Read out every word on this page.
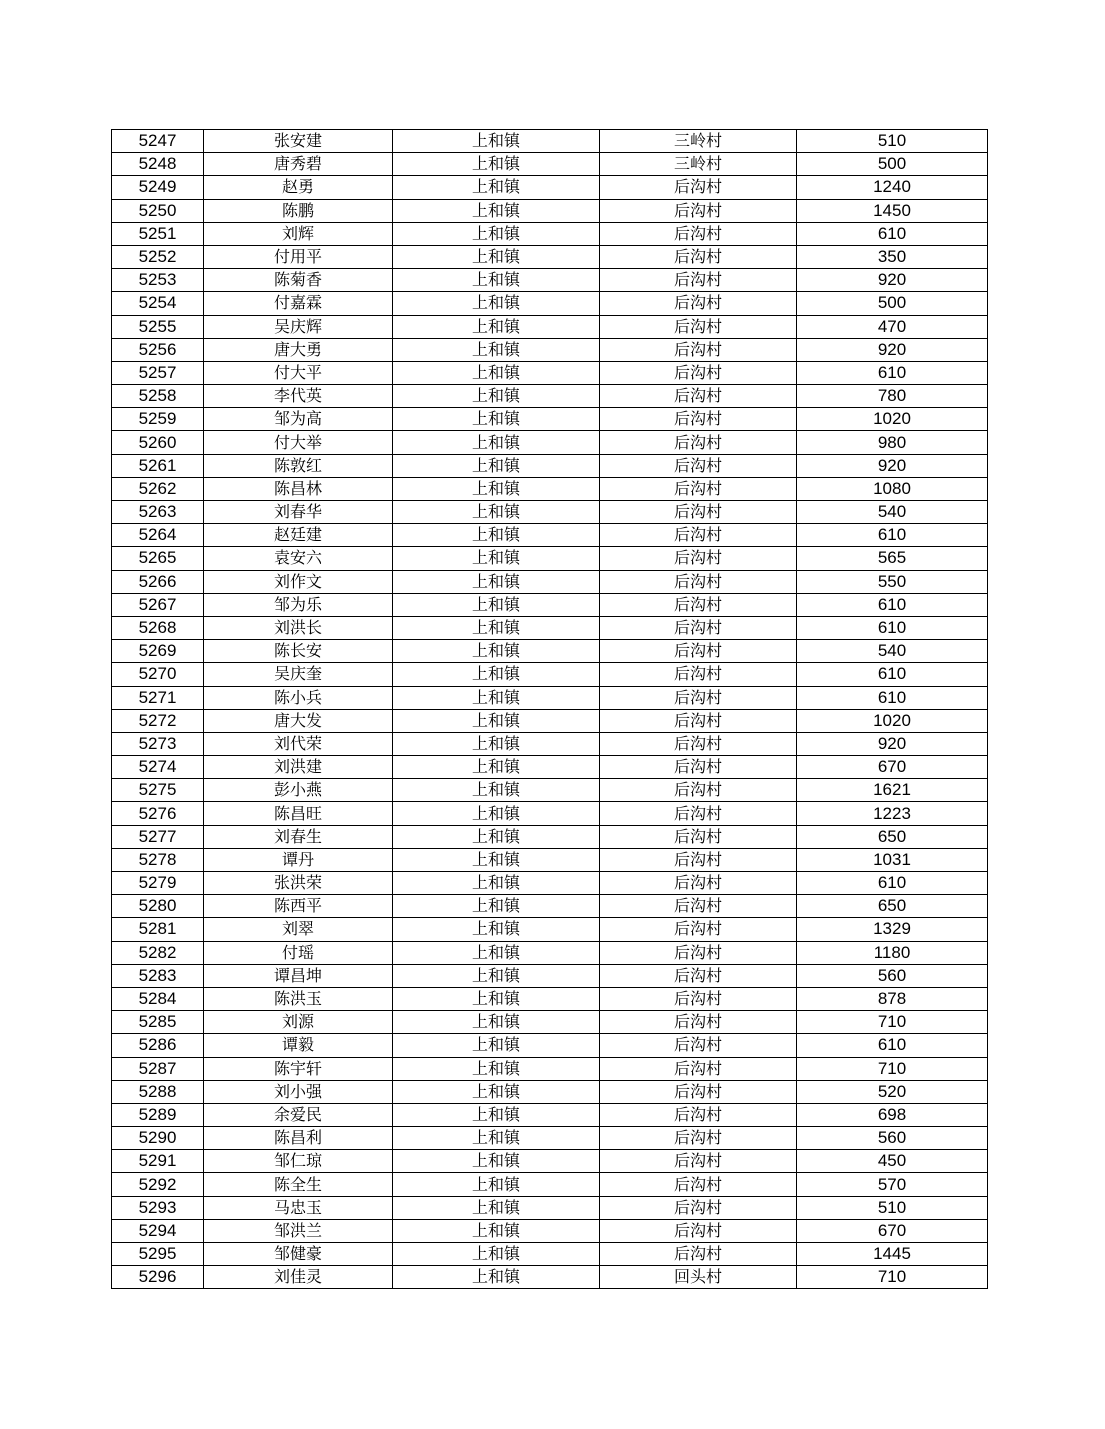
5247	张安建	上和镇	三岭村	510
5248	唐秀碧	上和镇	三岭村	500
5249	赵勇	上和镇	后沟村	1240
5250	陈鹏	上和镇	后沟村	1450
5251	刘辉	上和镇	后沟村	610
5252	付用平	上和镇	后沟村	350
5253	陈菊香	上和镇	后沟村	920
5254	付嘉霖	上和镇	后沟村	500
5255	吴庆辉	上和镇	后沟村	470
5256	唐大勇	上和镇	后沟村	920
5257	付大平	上和镇	后沟村	610
5258	李代英	上和镇	后沟村	780
5259	邹为高	上和镇	后沟村	1020
5260	付大举	上和镇	后沟村	980
5261	陈敦红	上和镇	后沟村	920
5262	陈昌林	上和镇	后沟村	1080
5263	刘春华	上和镇	后沟村	540
5264	赵廷建	上和镇	后沟村	610
5265	袁安六	上和镇	后沟村	565
5266	刘作文	上和镇	后沟村	550
5267	邹为乐	上和镇	后沟村	610
5268	刘洪长	上和镇	后沟村	610
5269	陈长安	上和镇	后沟村	540
5270	吴庆奎	上和镇	后沟村	610
5271	陈小兵	上和镇	后沟村	610
5272	唐大发	上和镇	后沟村	1020
5273	刘代荣	上和镇	后沟村	920
5274	刘洪建	上和镇	后沟村	670
5275	彭小燕	上和镇	后沟村	1621
5276	陈昌旺	上和镇	后沟村	1223
5277	刘春生	上和镇	后沟村	650
5278	谭丹	上和镇	后沟村	1031
5279	张洪荣	上和镇	后沟村	610
5280	陈西平	上和镇	后沟村	650
5281	刘翠	上和镇	后沟村	1329
5282	付瑶	上和镇	后沟村	1180
5283	谭昌坤	上和镇	后沟村	560
5284	陈洪玉	上和镇	后沟村	878
5285	刘源	上和镇	后沟村	710
5286	谭毅	上和镇	后沟村	610
5287	陈宇轩	上和镇	后沟村	710
5288	刘小强	上和镇	后沟村	520
5289	余爱民	上和镇	后沟村	698
5290	陈昌利	上和镇	后沟村	560
5291	邹仁琼	上和镇	后沟村	450
5292	陈全生	上和镇	后沟村	570
5293	马忠玉	上和镇	后沟村	510
5294	邹洪兰	上和镇	后沟村	670
5295	邹健豪	上和镇	后沟村	1445
5296	刘佳灵	上和镇	回头村	710
